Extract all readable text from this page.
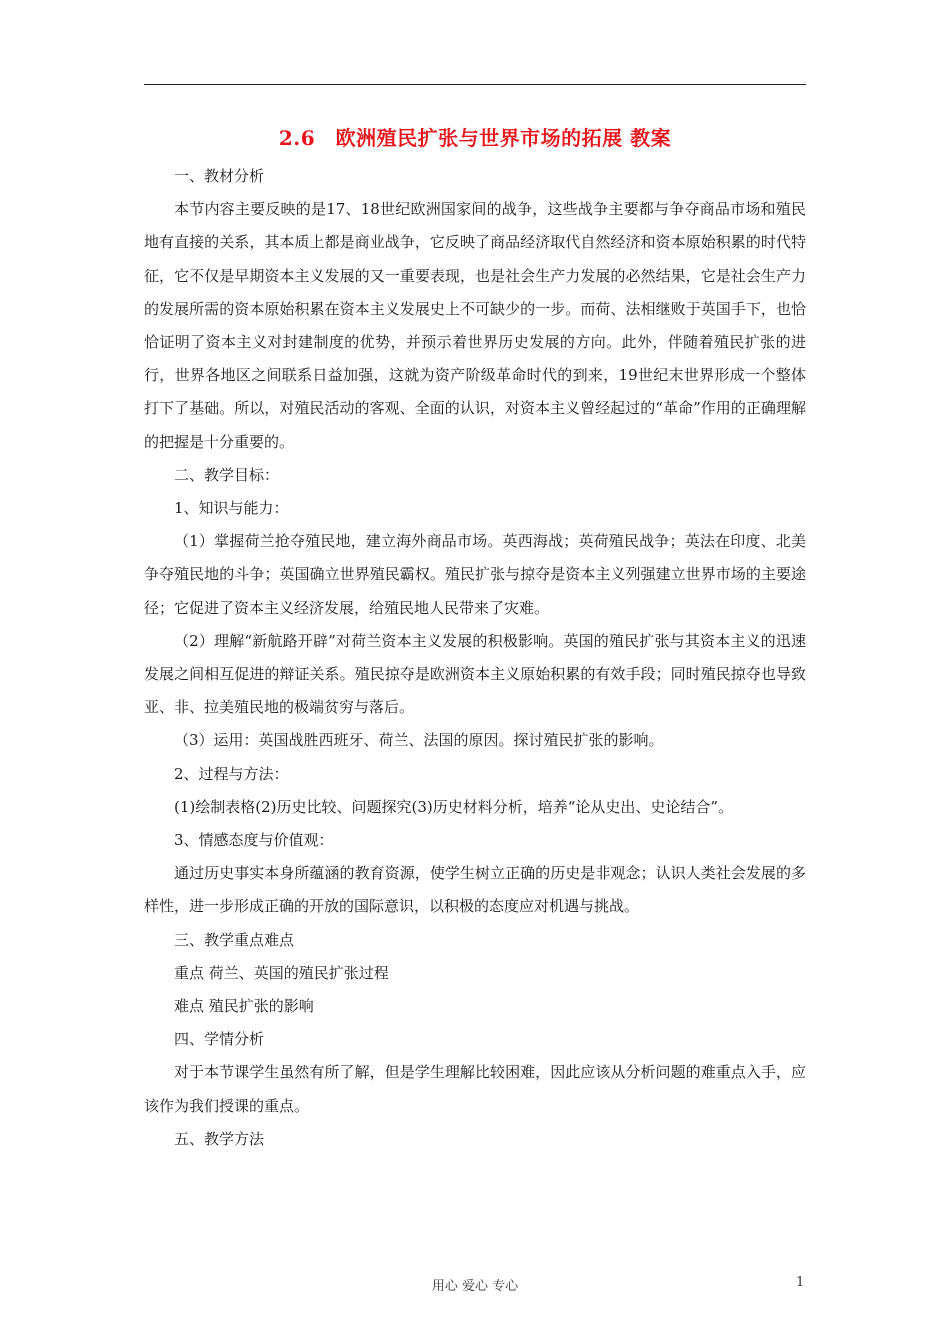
2.6　欧洲殖民扩张与世界市场的拓展 教案

一、教材分析

本节内容主要反映的是17、18世纪欧洲国家间的战争，这些战争主要都与争夺商品市场和殖民地有直接的关系，其本质上都是商业战争，它反映了商品经济取代自然经济和资本原始积累的时代特征，它不仅是早期资本主义发展的又一重要表现，也是社会生产力发展的必然结果，它是社会生产力的发展所需的资本原始积累在资本主义发展史上不可缺少的一步。而荷、法相继败于英国手下，也恰恰证明了资本主义对封建制度的优势，并预示着世界历史发展的方向。此外，伴随着殖民扩张的进行，世界各地区之间联系日益加强，这就为资产阶级革命时代的到来，19世纪末世界形成一个整体打下了基础。所以，对殖民活动的客观、全面的认识，对资本主义曾经起过的“革命”作用的正确理解的把握是十分重要的。

二、教学目标：

1、知识与能力：

（1）掌握荷兰抢夺殖民地，建立海外商品市场。英西海战；英荷殖民战争；英法在印度、北美争夺殖民地的斗争；英国确立世界殖民霸权。殖民扩张与掠夺是资本主义列强建立世界市场的主要途径；它促进了资本主义经济发展，给殖民地人民带来了灾难。

（2）理解“新航路开辟”对荷兰资本主义发展的积极影响。英国的殖民扩张与其资本主义的迅速发展之间相互促进的辩证关系。殖民掠夺是欧洲资本主义原始积累的有效手段；同时殖民掠夺也导致亚、非、拉美殖民地的极端贫穷与落后。

（3）运用：英国战胜西班牙、荷兰、法国的原因。探讨殖民扩张的影响。

2、过程与方法：

(1)绘制表格(2)历史比较、问题探究(3)历史材料分析，培养“论从史出、史论结合”。

3、情感态度与价值观：

通过历史事实本身所蕴涵的教育资源，使学生树立正确的历史是非观念；认识人类社会发展的多样性，进一步形成正确的开放的国际意识，以积极的态度应对机遇与挑战。

三、教学重点难点

重点 荷兰、英国的殖民扩张过程

难点 殖民扩张的影响

四、学情分析

对于本节课学生虽然有所了解，但是学生理解比较困难，因此应该从分析问题的难重点入手，应该作为我们授课的重点。

五、教学方法

用心 爱心 专心	1
